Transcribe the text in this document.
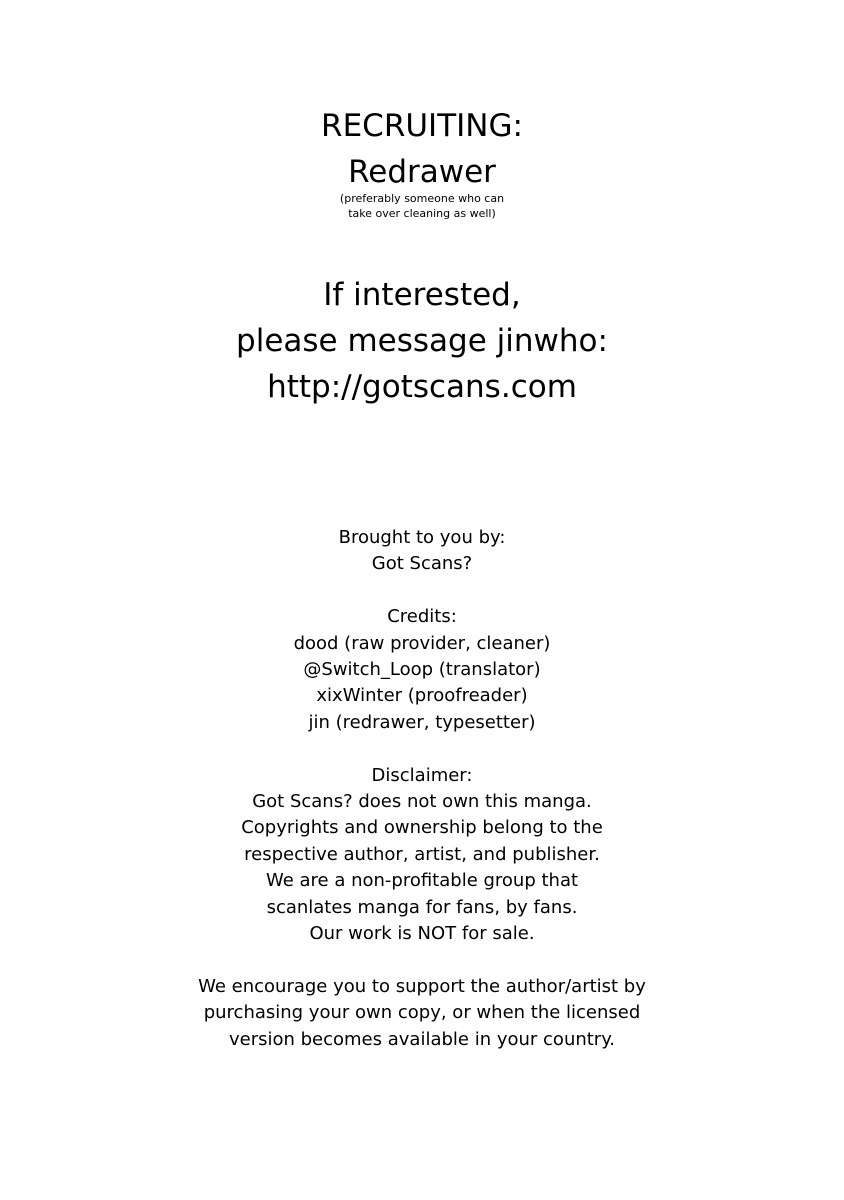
RECRUITING:

Redrawer

(preferably someone who can

take over cleaning as well)

If interested,

please message jinwho:

http://gotscans.com

Brought to you by:

Got Scans?

Credits:

dood (raw provider, cleaner)

@Switch_Loop (translator)

xixWinter (proofreader)

jin (redrawer, typesetter)

Disclaimer:

Got Scans? does not own this manga.

Copyrights and ownership belong to the

respective author, artist, and publisher.

We are a non-profitable group that

scanlates manga for fans, by fans.

Our work is NOT for sale.

We encourage you to support the author/artist by

purchasing your own copy, or when the licensed

version becomes available in your country.
